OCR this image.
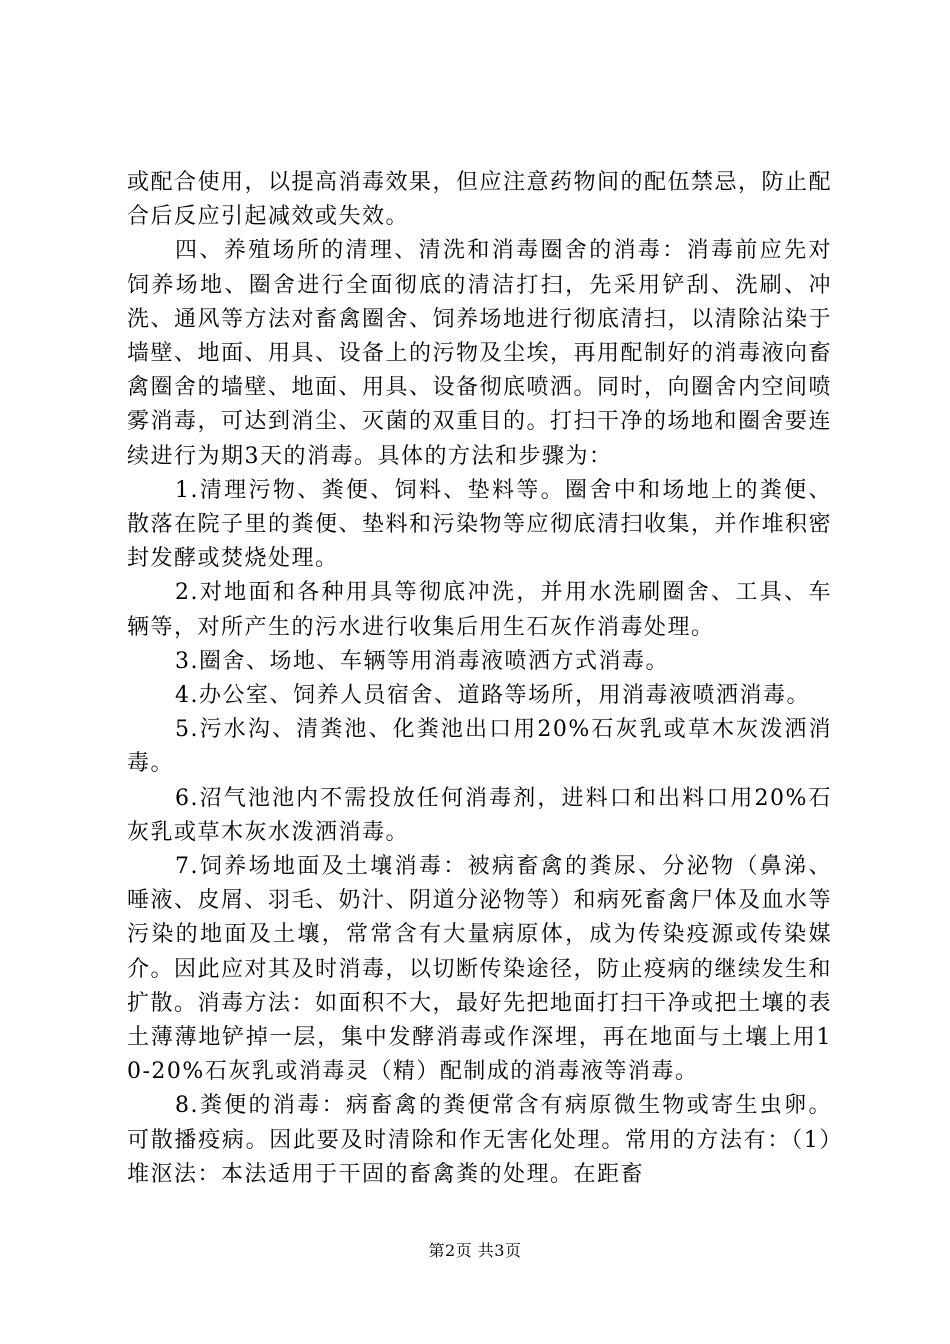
或配合使用，以提高消毒效果，但应注意药物间的配伍禁忌，防止配合后反应引起减效或失效。

四、养殖场所的清理、清洗和消毒圈舍的消毒：消毒前应先对饲养场地、圈舍进行全面彻底的清洁打扫，先采用铲刮、洗刷、冲洗、通风等方法对畜禽圈舍、饲养场地进行彻底清扫，以清除沾染于墙壁、地面、用具、设备上的污物及尘埃，再用配制好的消毒液向畜禽圈舍的墙壁、地面、用具、设备彻底喷洒。同时，向圈舍内空间喷雾消毒，可达到消尘、灭菌的双重目的。打扫干净的场地和圈舍要连续进行为期3天的消毒。具体的方法和步骤为：

1.清理污物、粪便、饲料、垫料等。圈舍中和场地上的粪便、散落在院子里的粪便、垫料和污染物等应彻底清扫收集，并作堆积密封发酵或焚烧处理。

2.对地面和各种用具等彻底冲洗，并用水洗刷圈舍、工具、车辆等，对所产生的污水进行收集后用生石灰作消毒处理。

3.圈舍、场地、车辆等用消毒液喷洒方式消毒。

4.办公室、饲养人员宿舍、道路等场所，用消毒液喷洒消毒。

5.污水沟、清粪池、化粪池出口用20%石灰乳或草木灰泼洒消毒。

6.沼气池池内不需投放任何消毒剂，进料口和出料口用20%石灰乳或草木灰水泼洒消毒。

7.饲养场地面及土壤消毒：被病畜禽的粪尿、分泌物（鼻涕、唾液、皮屑、羽毛、奶汁、阴道分泌物等）和病死畜禽尸体及血水等污染的地面及土壤，常常含有大量病原体，成为传染疫源或传染媒介。因此应对其及时消毒，以切断传染途径，防止疫病的继续发生和扩散。消毒方法：如面积不大，最好先把地面打扫干净或把土壤的表土薄薄地铲掉一层，集中发酵消毒或作深埋，再在地面与土壤上用10-20%石灰乳或消毒灵（精）配制成的消毒液等消毒。

8.粪便的消毒：病畜禽的粪便常含有病原微生物或寄生虫卵。可散播疫病。因此要及时清除和作无害化处理。常用的方法有：（1）堆沤法：本法适用于干固的畜禽粪的处理。在距畜

第2页 共3页
